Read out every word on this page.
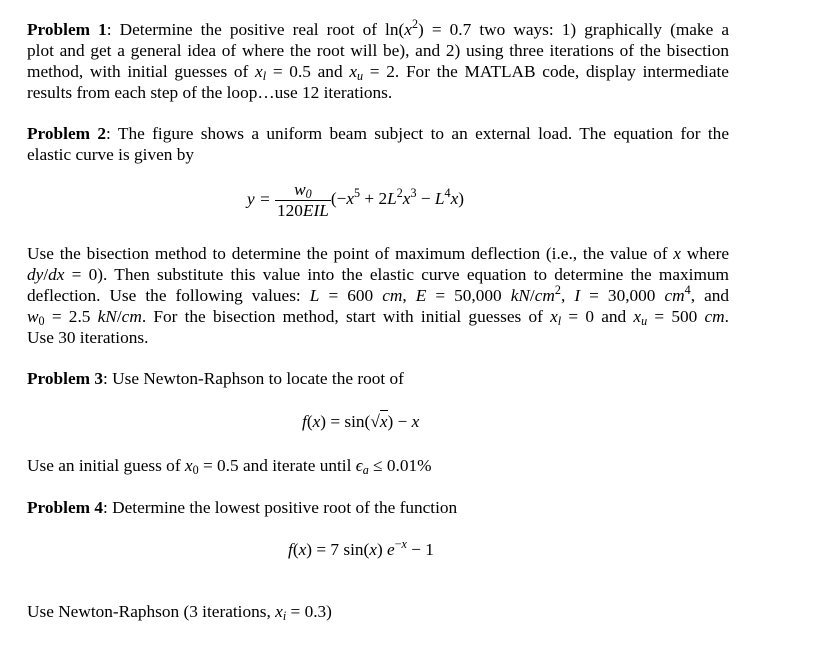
Problem 1: Determine the positive real root of $\ln(x^2) = 0.7$ two ways: 1) graphically (make a
plot and get a general idea of where the root will be), and 2) using three iterations of the bisection
method, with initial guesses of $x_l = 0.5$ and $x_u = 2$. For the MATLAB code, display intermediate
results from each step of the loop…use 12 iterations.
Problem 2: The figure shows a uniform beam subject to an external load. The equation for the
elastic curve is given by
$y = \frac{w_0}{\text{120EIL}} (-x^5 + 2L^2x^3 - L^4x)$
Use the bisection method to determine the point of maximum deflection (i.e., the value of x where
dy/dx = 0). Then substitute this value into the elastic curve equation to determine the maximum
deflection. Use the following values: L = 600 cm, E = 50,000 $kN/cm^2$, I = 30,000 $cm^4$, and
$w_0 = 2.5$ kN/cm. For the bisection method, start with initial guesses of $x_l = 0$ and $x_u = 500$ cm.
Use 30 iterations.
Problem 3: Use Newton-Raphson to locate the root of
f(x) = sin(√x) − x
Use an initial guess of $x_0 = 0.5$ and iterate until $\epsilon_a \le 0.01\%$
Problem 4: Determine the lowest positive root of the function
f(x) = 7 sin(x) $e^{-x} - 1$
Use Newton-Raphson (3 iterations, $x_i = 0.3$)
